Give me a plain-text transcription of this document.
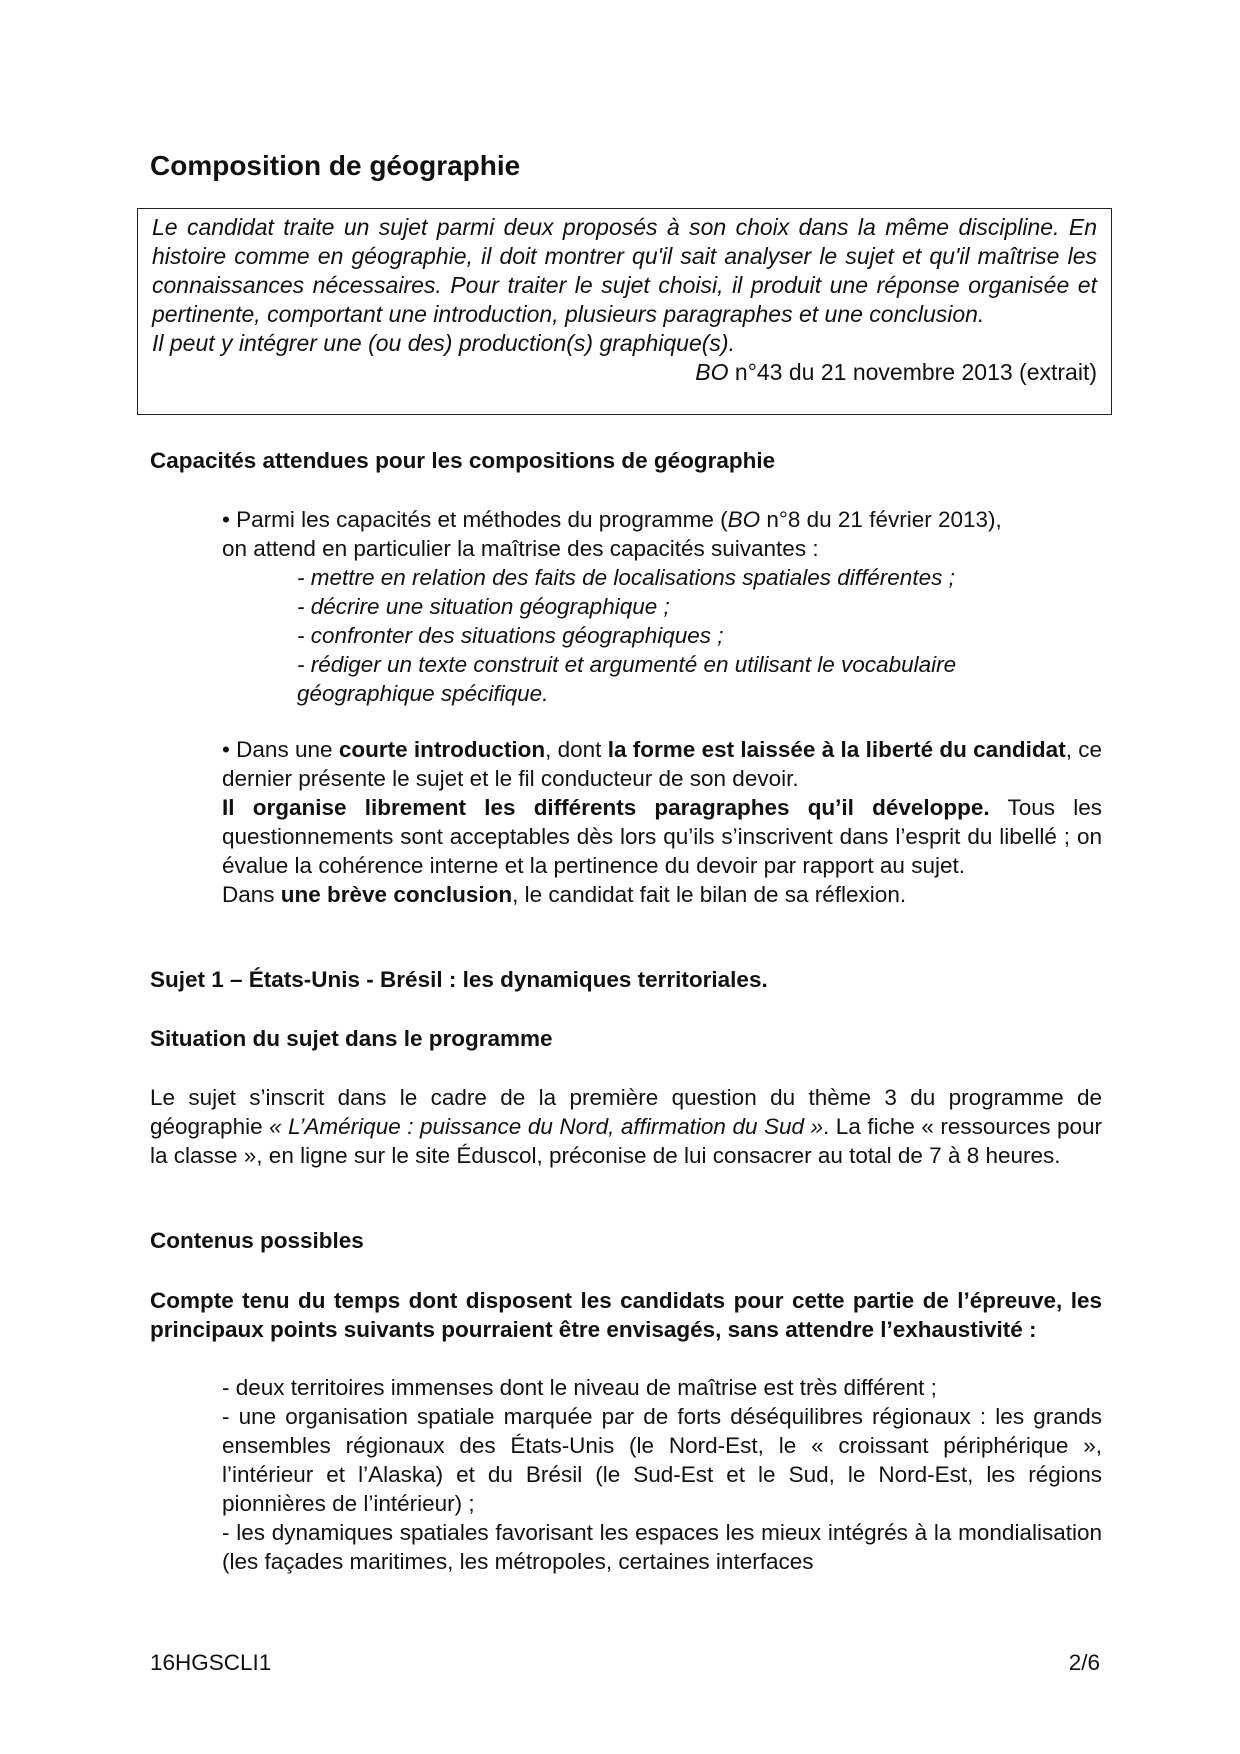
Composition de géographie

Le candidat traite un sujet parmi deux proposés à son choix dans la même discipline. En histoire comme en géographie, il doit montrer qu'il sait analyser le sujet et qu'il maîtrise les connaissances nécessaires. Pour traiter le sujet choisi, il produit une réponse organisée et pertinente, comportant une introduction, plusieurs paragraphes et une conclusion.

Il peut y intégrer une (ou des) production(s) graphique(s).

BO n°43 du 21 novembre 2013 (extrait)

Capacités attendues pour les compositions de géographie

• Parmi les capacités et méthodes du programme (BO n°8 du 21 février 2013),

on attend en particulier la maîtrise des capacités suivantes :

- mettre en relation des faits de localisations spatiales différentes ;

- décrire une situation géographique ;

- confronter des situations géographiques ;

- rédiger un texte construit et argumenté en utilisant le vocabulaire

géographique spécifique.

• Dans une courte introduction, dont la forme est laissée à la liberté du candidat, ce dernier présente le sujet et le fil conducteur de son devoir.

Il organise librement les différents paragraphes qu’il développe. Tous les questionnements sont acceptables dès lors qu’ils s’inscrivent dans l’esprit du libellé ; on évalue la cohérence interne et la pertinence du devoir par rapport au sujet.

Dans une brève conclusion, le candidat fait le bilan de sa réflexion.

Sujet 1 – États-Unis - Brésil : les dynamiques territoriales.
Situation du sujet dans le programme

Le sujet s’inscrit dans le cadre de la première question du thème 3 du programme de géographie « L’Amérique : puissance du Nord, affirmation du Sud ». La fiche « ressources pour la classe », en ligne sur le site Éduscol, préconise de lui consacrer au total de 7 à 8 heures.

Contenus possibles
Compte tenu du temps dont disposent les candidats pour cette partie de l’épreuve, les principaux points suivants pourraient être envisagés, sans attendre l’exhaustivité :

- deux territoires immenses dont le niveau de maîtrise est très différent ;

- une organisation spatiale marquée par de forts déséquilibres régionaux : les grands ensembles régionaux des États-Unis (le Nord-Est, le « croissant périphérique », l’intérieur et l’Alaska) et du Brésil (le Sud-Est et le Sud, le Nord-Est, les régions pionnières de l’intérieur) ;

- les dynamiques spatiales favorisant les espaces les mieux intégrés à la mondialisation (les façades maritimes, les métropoles, certaines interfaces

16HGSCLI1	2/6
